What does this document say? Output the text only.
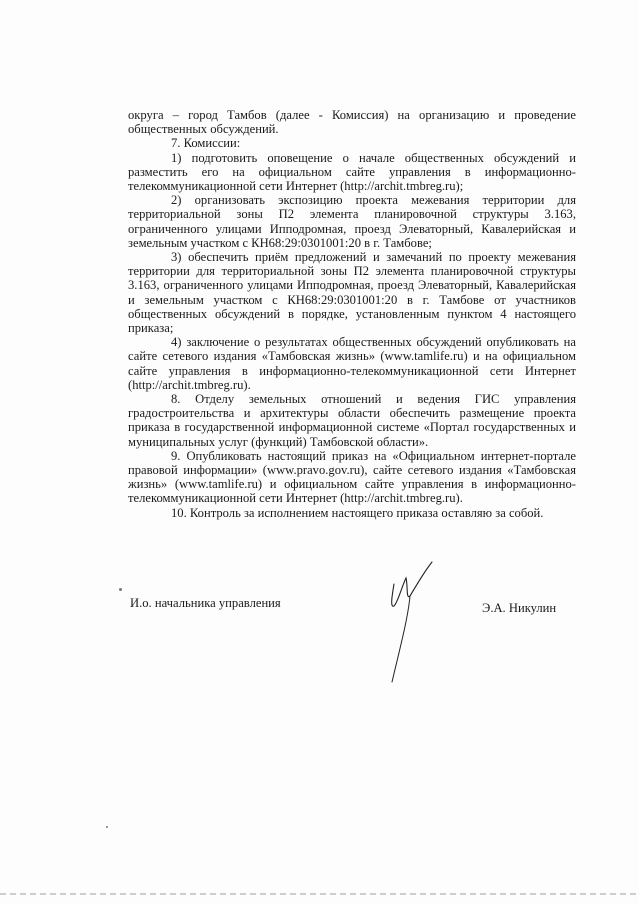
округа – город Тамбов (далее - Комиссия) на организацию и проведение общественных обсуждений.

7. Комиссии:

1) подготовить оповещение о начале общественных обсуждений и разместить его на официальном сайте управления в информационно-телекоммуникационной сети Интернет (http://archit.tmbreg.ru);

2) организовать экспозицию проекта межевания территории для территориальной зоны П2 элемента планировочной структуры 3.163, ограниченного улицами Ипподромная, проезд Элеваторный, Кавалерийская и земельным участком с КН68:29:0301001:20 в г. Тамбове;

3) обеспечить приём предложений и замечаний по проекту межевания территории для территориальной зоны П2 элемента планировочной структуры 3.163, ограниченного улицами Ипподромная, проезд Элеваторный, Кавалерийская и земельным участком с КН68:29:0301001:20 в г. Тамбове от участников общественных обсуждений в порядке, установленным пунктом 4 настоящего приказа;

4) заключение о результатах общественных обсуждений опубликовать на сайте сетевого издания «Тамбовская жизнь» (www.tamlife.ru) и на официальном сайте управления в информационно-телекоммуникационной сети Интернет (http://archit.tmbreg.ru).

8. Отделу земельных отношений и ведения ГИС управления градостроительства и архитектуры области обеспечить размещение проекта приказа в государственной информационной системе «Портал государственных и муниципальных услуг (функций) Тамбовской области».

9. Опубликовать настоящий приказ на «Официальном интернет-портале правовой информации» (www.pravo.gov.ru), сайте сетевого издания «Тамбовская жизнь» (www.tamlife.ru) и официальном сайте управления в информационно-телекоммуникационной сети Интернет (http://archit.tmbreg.ru).

10. Контроль за исполнением настоящего приказа оставляю за собой.

И.о. начальника управления	Э.А. Никулин
